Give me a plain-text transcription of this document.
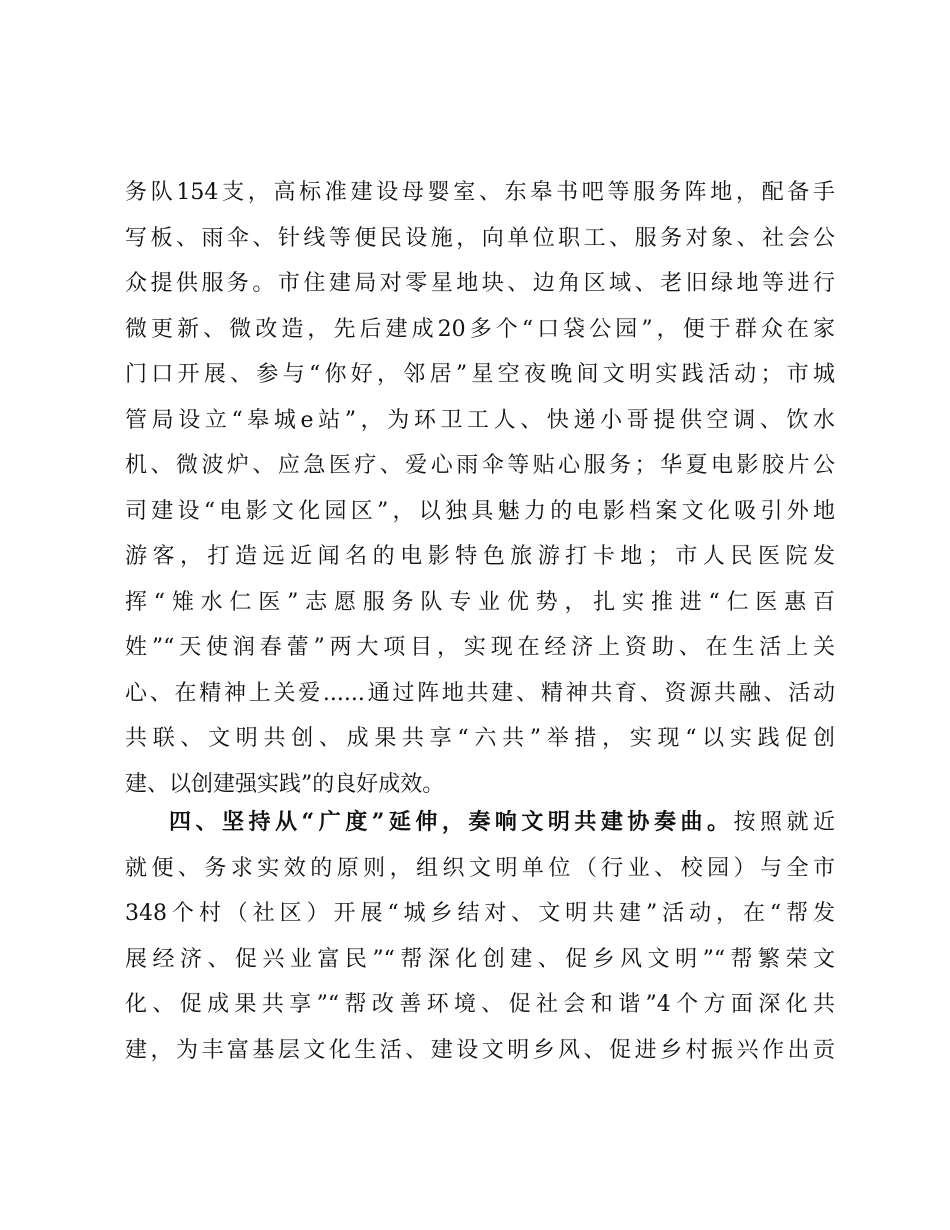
务队154支，高标准建设母婴室、东皋书吧等服务阵地，配备手
写板、雨伞、针线等便民设施，向单位职工、服务对象、社会公
众提供服务。市住建局对零星地块、边角区域、老旧绿地等进行
微更新、微改造，先后建成20多个“口袋公园”，便于群众在家
门口开展、参与“你好，邻居”星空夜晚间文明实践活动；市城
管局设立“皋城e站”，为环卫工人、快递小哥提供空调、饮水
机、微波炉、应急医疗、爱心雨伞等贴心服务；华夏电影胶片公
司建设“电影文化园区”，以独具魅力的电影档案文化吸引外地
游客，打造远近闻名的电影特色旅游打卡地；市人民医院发
挥“雉水仁医”志愿服务队专业优势，扎实推进“仁医惠百
姓”“天使润春蕾”两大项目，实现在经济上资助、在生活上关
心、在精神上关爱......通过阵地共建、精神共育、资源共融、活动
共联、文明共创、成果共享“六共”举措，实现“以实践促创
建、以创建强实践”的良好成效。
四、坚持从“广度”延伸，奏响文明共建协奏曲。按照就近
就便、务求实效的原则，组织文明单位（行业、校园）与全市
348个村（社区）开展“城乡结对、文明共建”活动，在“帮发
展经济、促兴业富民”“帮深化创建、促乡风文明”“帮繁荣文
化、促成果共享”“帮改善环境、促社会和谐”4个方面深化共
建，为丰富基层文化生活、建设文明乡风、促进乡村振兴作出贡
